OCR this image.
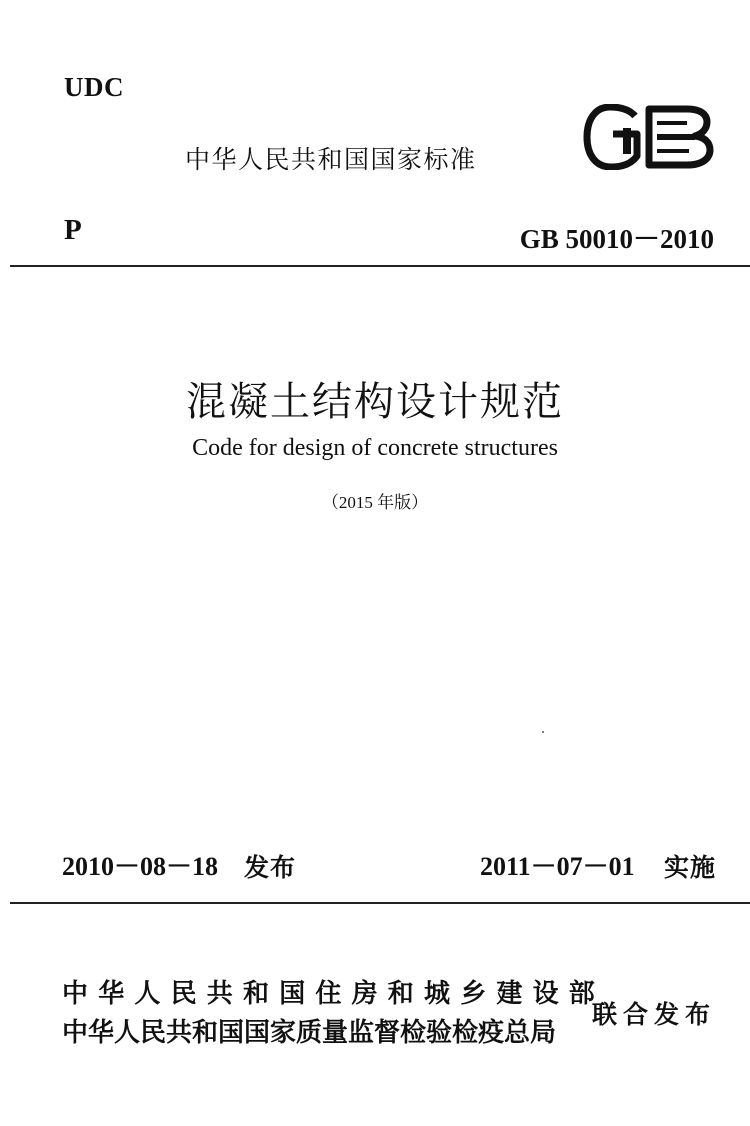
UDC
中华人民共和国国家标准
P	GB 50010－2010
混凝土结构设计规范
Code for design of concrete structures
（2015 年版）
2010－08－18 发布	2011－07－01 实施
中华人民共和国住房和城乡建设部
中华人民共和国国家质量监督检验检疫总局
联合发布
